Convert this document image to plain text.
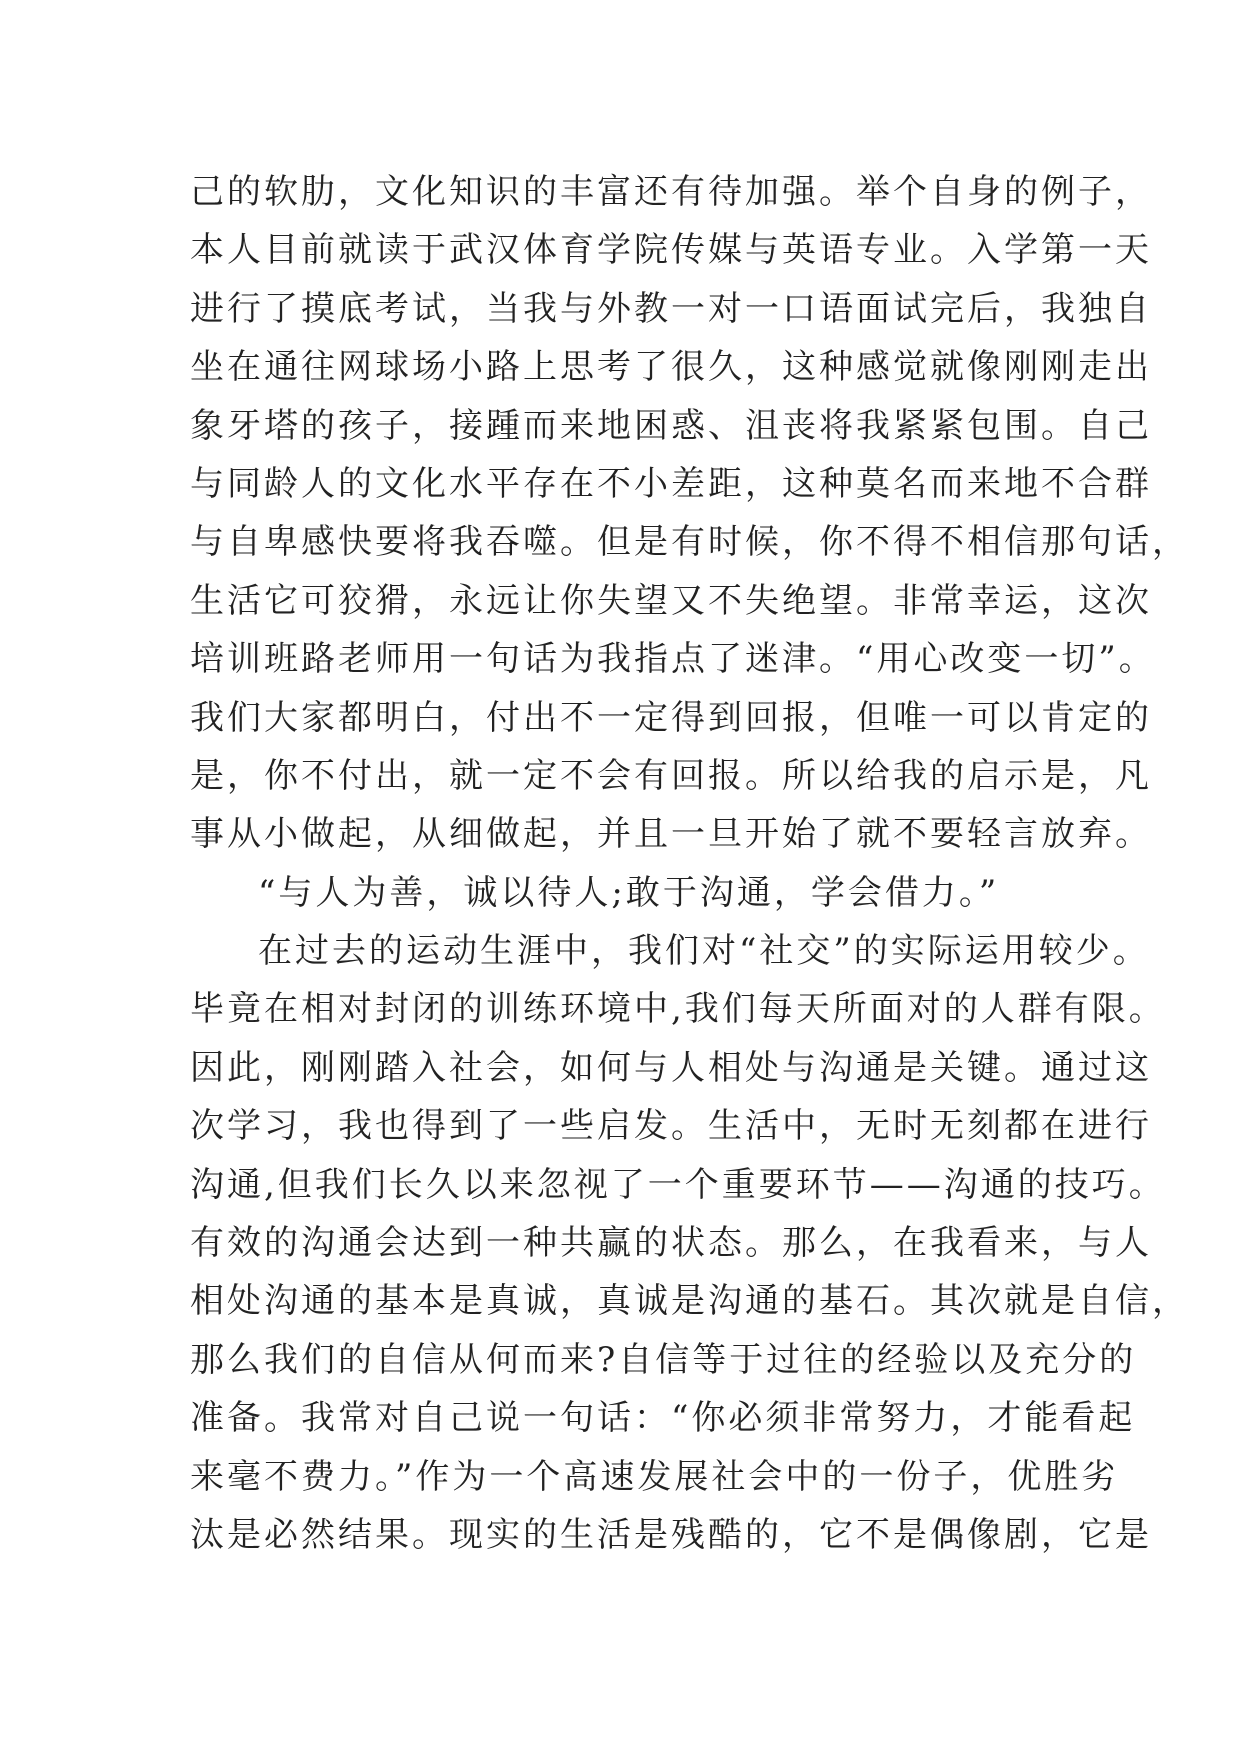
己的软肋，文化知识的丰富还有待加强。举个自身的例子，
本人目前就读于武汉体育学院传媒与英语专业。入学第一天
进行了摸底考试，当我与外教一对一口语面试完后，我独自
坐在通往网球场小路上思考了很久，这种感觉就像刚刚走出
象牙塔的孩子，接踵而来地困惑、沮丧将我紧紧包围。自己
与同龄人的文化水平存在不小差距，这种莫名而来地不合群
与自卑感快要将我吞噬。但是有时候，你不得不相信那句话，
生活它可狡猾，永远让你失望又不失绝望。非常幸运，这次
培训班路老师用一句话为我指点了迷津。“用心改变一切”。
我们大家都明白，付出不一定得到回报，但唯一可以肯定的
是，你不付出，就一定不会有回报。所以给我的启示是，凡
事从小做起，从细做起，并且一旦开始了就不要轻言放弃。
“与人为善，诚以待人;敢于沟通，学会借力。”
在过去的运动生涯中，我们对“社交”的实际运用较少。
毕竟在相对封闭的训练环境中,我们每天所面对的人群有限。
因此，刚刚踏入社会，如何与人相处与沟通是关键。通过这
次学习，我也得到了一些启发。生活中，无时无刻都在进行
沟通,但我们长久以来忽视了一个重要环节——沟通的技巧。
有效的沟通会达到一种共赢的状态。那么，在我看来，与人
相处沟通的基本是真诚，真诚是沟通的基石。其次就是自信，
那么我们的自信从何而来?自信等于过往的经验以及充分的
准备。我常对自己说一句话：“你必须非常努力，才能看起
来毫不费力。”作为一个高速发展社会中的一份子，优胜劣
汰是必然结果。现实的生活是残酷的，它不是偶像剧，它是
